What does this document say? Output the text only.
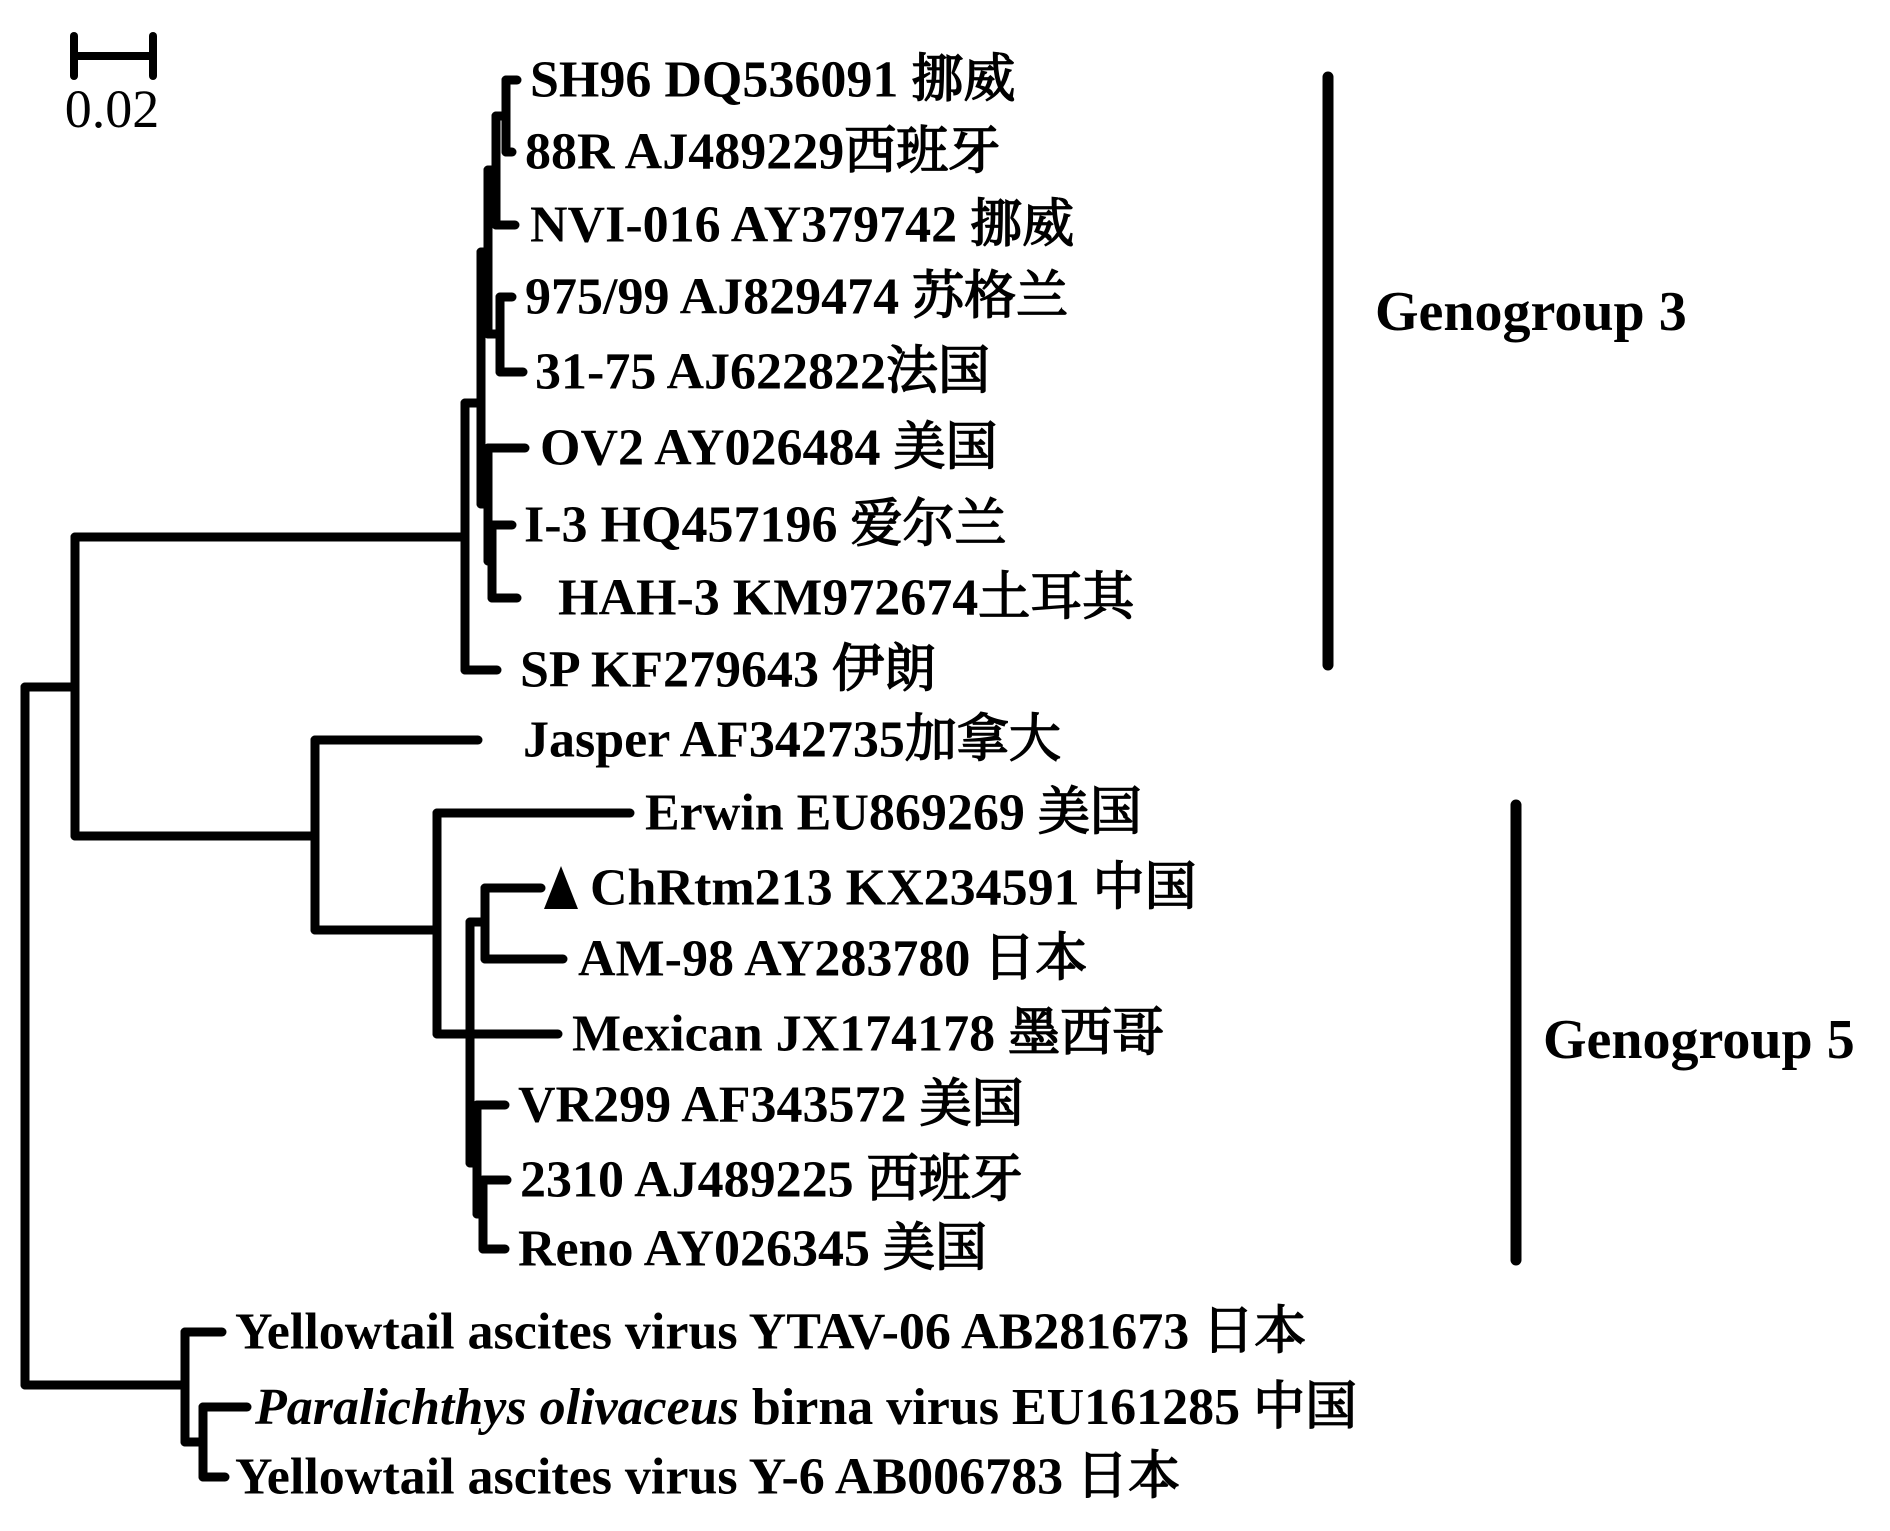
SH96 DQ536091 挪威
88R AJ489229西班牙
NVI-016 AY379742 挪威
975/99 AJ829474 苏格兰
31-75 AJ622822法国
OV2 AY026484 美国
I-3 HQ457196 爱尔兰
HAH-3 KM972674土耳其
SP KF279643 伊朗
Jasper AF342735加拿大
Erwin EU869269 美国
ChRtm213 KX234591 中国
AM-98 AY283780 日本
Mexican JX174178 墨西哥
VR299 AF343572 美国
2310 AJ489225 西班牙
Reno AY026345 美国
Yellowtail ascites virus YTAV-06 AB281673 日本
Paralichthys olivaceus birna virus EU161285 中国
Yellowtail ascites virus Y-6 AB006783 日本
0.02
Genogroup 3
Genogroup 5
